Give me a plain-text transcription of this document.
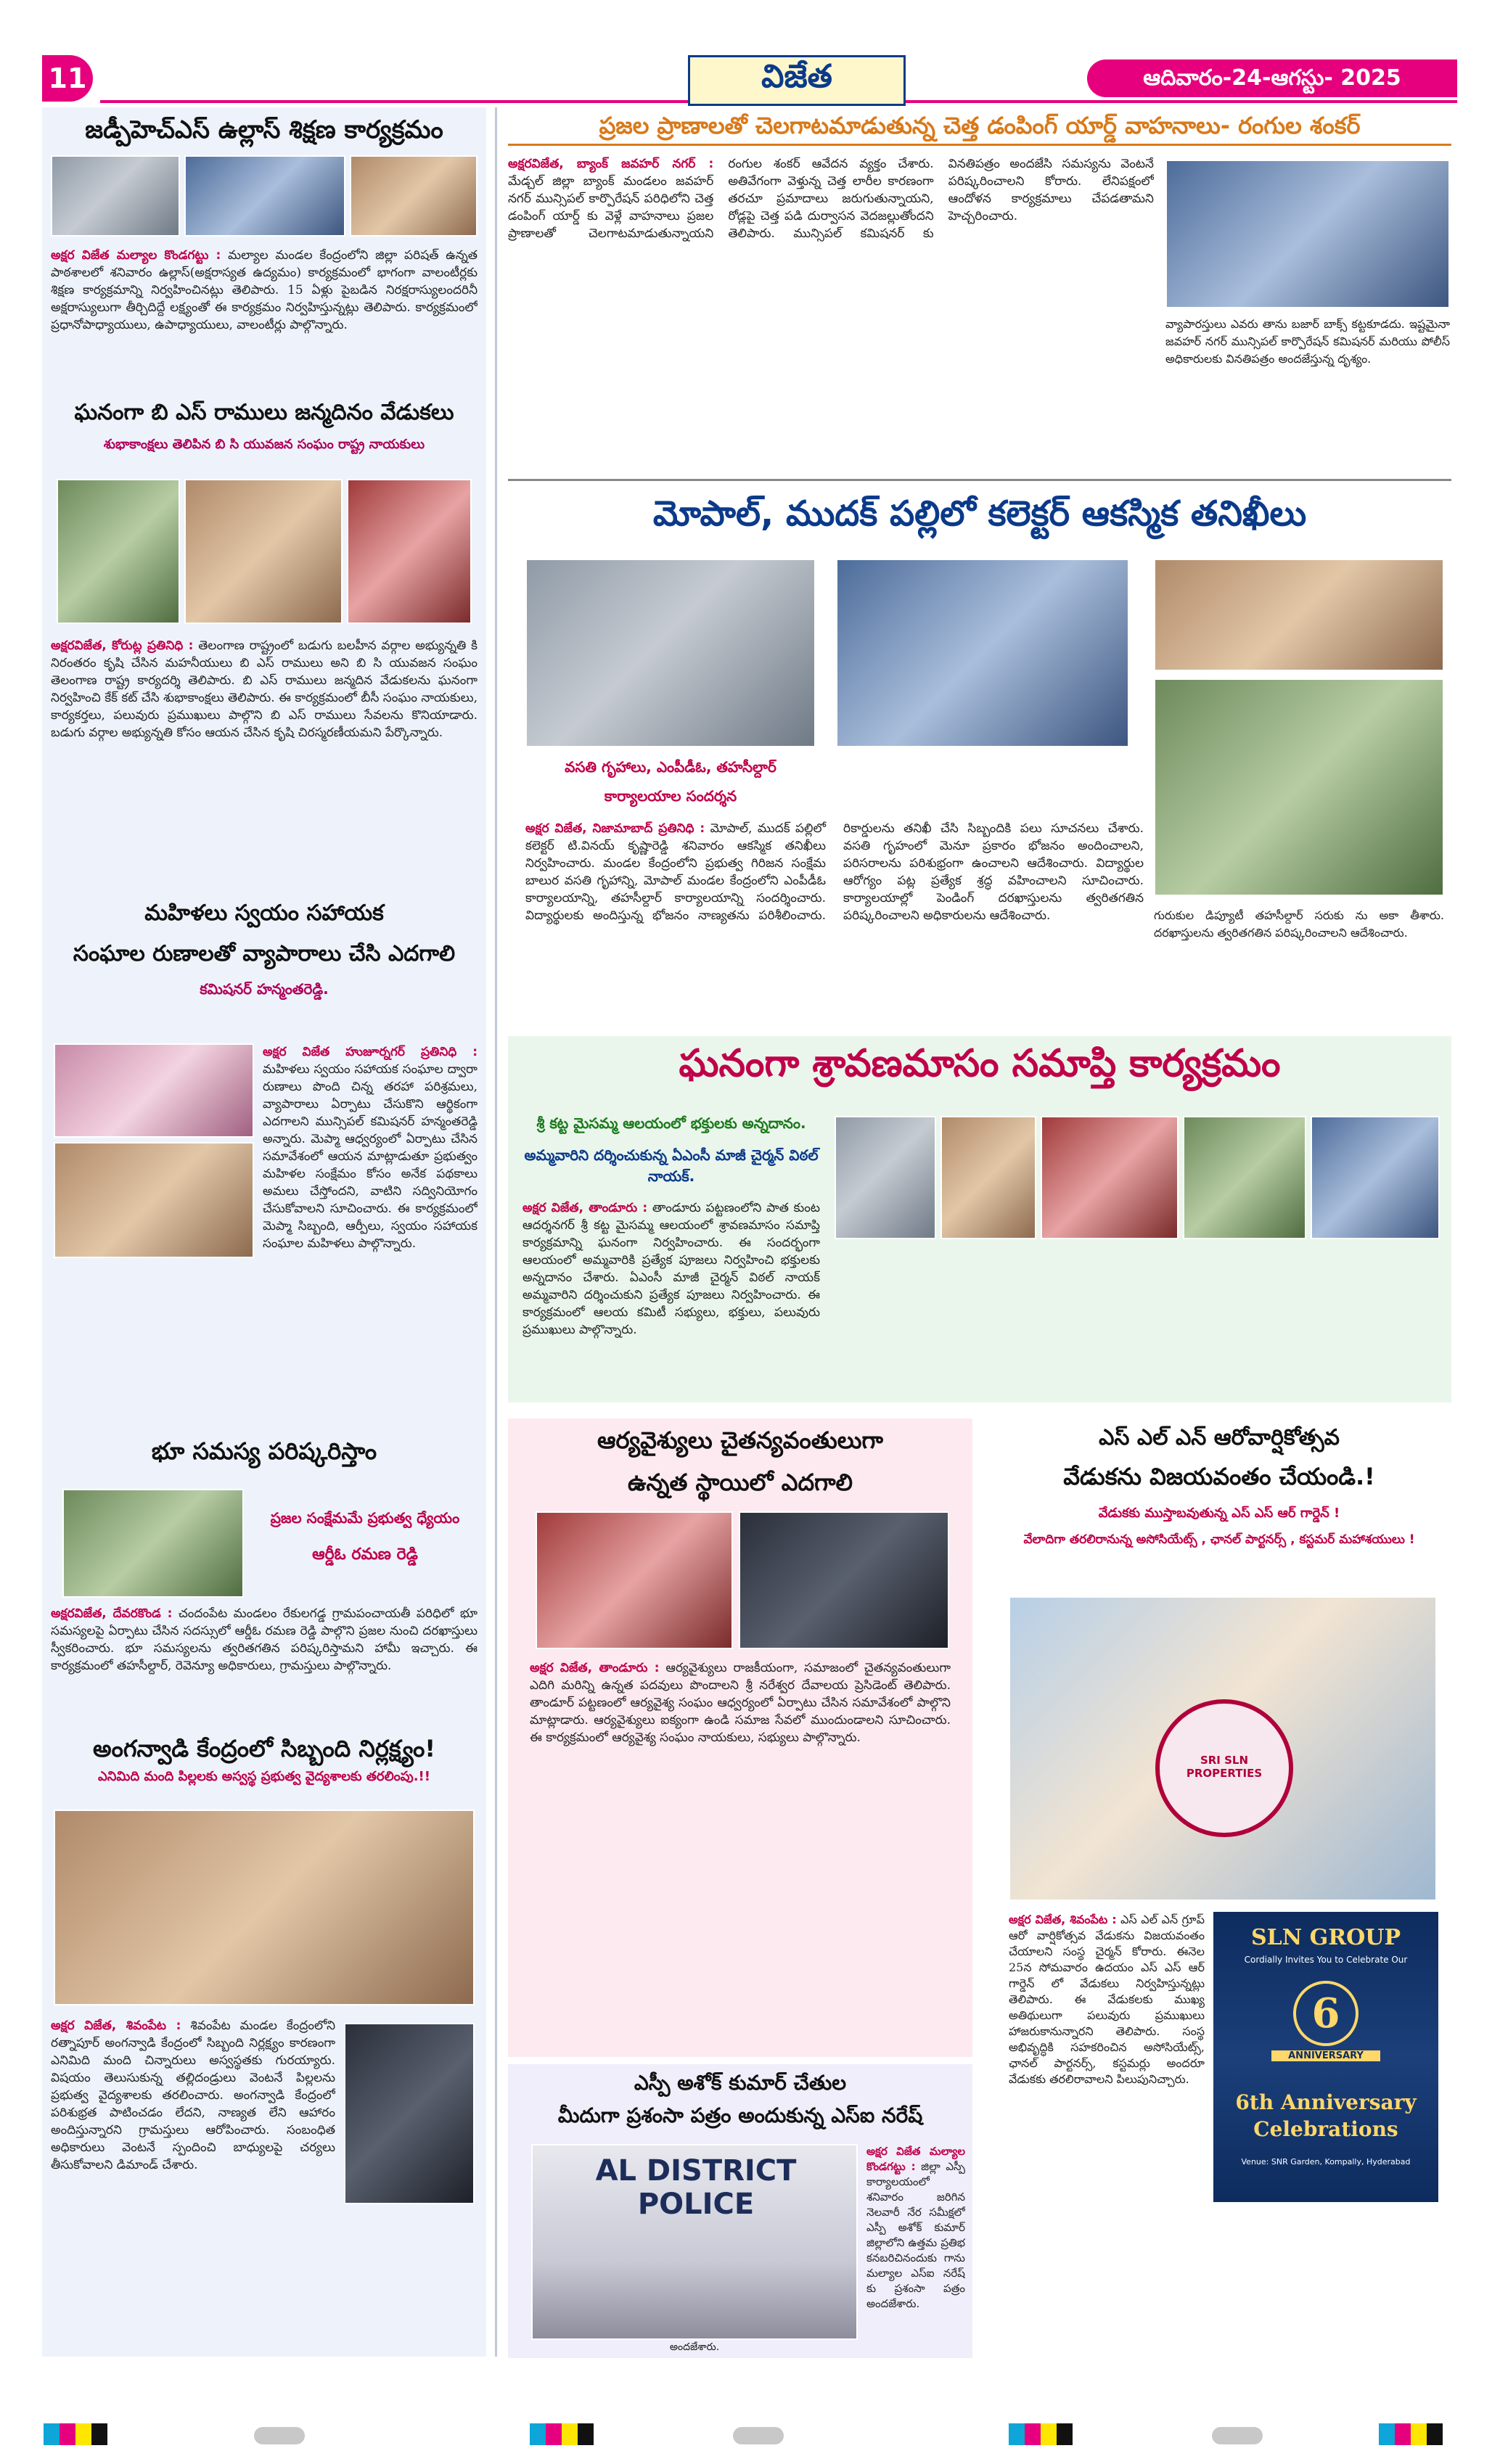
11	విజేత	ఆదివారం-24-ఆగస్టు- 2025
జడ్పీహెచ్ఎస్ ఉల్లాస్ శిక్షణ కార్యక్రమం
అక్షర విజేత మల్యాల కొండగట్టు : మల్యాల మండల కేంద్రంలోని జిల్లా పరిషత్ ఉన్నత పాఠశాలలో శనివారం ఉల్లాస్(అక్షరాస్యత ఉద్యమం) కార్యక్రమంలో భాగంగా వాలంటీర్లకు శిక్షణ కార్యక్రమాన్ని నిర్వహించినట్లు తెలిపారు. 15 ఏళ్లు పైబడిన నిరక్షరాస్యులందరినీ అక్షరాస్యులుగా తీర్చిదిద్దే లక్ష్యంతో ఈ కార్యక్రమం నిర్వహిస్తున్నట్లు తెలిపారు. కార్యక్రమంలో ప్రధానోపాధ్యాయులు, ఉపాధ్యాయులు, వాలంటీర్లు పాల్గొన్నారు.
ఘనంగా బి ఎస్ రాములు జన్మదినం వేడుకలు
శుభాకాంక్షలు తెలిపిన బి సి యువజన సంఘం రాష్ట్ర నాయకులు
అక్షరవిజేత, కోరుట్ల ప్రతినిధి : తెలంగాణ రాష్ట్రంలో బడుగు బలహీన వర్గాల అభ్యున్నతి కి నిరంతరం కృషి చేసిన మహనీయులు బి ఎస్ రాములు అని బి సి యువజన సంఘం తెలంగాణ రాష్ట్ర కార్యదర్శి తెలిపారు. బి ఎస్ రాములు జన్మదిన వేడుకలను ఘనంగా నిర్వహించి కేక్ కట్ చేసి శుభాకాంక్షలు తెలిపారు. ఈ కార్యక్రమంలో బీసీ సంఘం నాయకులు, కార్యకర్తలు, పలువురు ప్రముఖులు పాల్గొని బి ఎస్ రాములు సేవలను కొనియాడారు. బడుగు వర్గాల అభ్యున్నతి కోసం ఆయన చేసిన కృషి చిరస్మరణీయమని పేర్కొన్నారు.
మహిళలు స్వయం సహాయక
సంఘాల రుణాలతో వ్యాపారాలు చేసి ఎదగాలి
కమిషనర్ హన్మంతరెడ్డి.
అక్షర విజేత హుజూర్నగర్ ప్రతినిధి : మహిళలు స్వయం సహాయక సంఘాల ద్వారా రుణాలు పొంది చిన్న తరహా పరిశ్రమలు, వ్యాపారాలు ఏర్పాటు చేసుకొని ఆర్థికంగా ఎదగాలని మున్సిపల్ కమిషనర్ హన్మంతరెడ్డి అన్నారు. మెప్మా ఆధ్వర్యంలో ఏర్పాటు చేసిన సమావేశంలో ఆయన మాట్లాడుతూ ప్రభుత్వం మహిళల సంక్షేమం కోసం అనేక పథకాలు అమలు చేస్తోందని, వాటిని సద్వినియోగం చేసుకోవాలని సూచించారు. ఈ కార్యక్రమంలో మెప్మా సిబ్బంది, ఆర్పీలు, స్వయం సహాయక సంఘాల మహిళలు పాల్గొన్నారు.
భూ సమస్య పరిష్కరిస్తాం
ప్రజల సంక్షేమమే ప్రభుత్వ ధ్యేయం
ఆర్డీఓ రమణ రెడ్డి
అక్షరవిజేత, దేవరకొండ : చందంపేట మండలం రేకులగడ్డ గ్రామపంచాయతీ పరిధిలో భూ సమస్యలపై ఏర్పాటు చేసిన సదస్సులో ఆర్డీఓ రమణ రెడ్డి పాల్గొని ప్రజల నుంచి దరఖాస్తులు స్వీకరించారు. భూ సమస్యలను త్వరితగతిన పరిష్కరిస్తామని హామీ ఇచ్చారు. ఈ కార్యక్రమంలో తహసీల్దార్, రెవెన్యూ అధికారులు, గ్రామస్తులు పాల్గొన్నారు.
అంగన్వాడి కేంద్రంలో సిబ్బంది నిర్లక్ష్యం!
ఎనిమిది మంది పిల్లలకు అస్వస్థ ప్రభుత్వ వైద్యశాలకు తరలింపు.!!
అక్షర విజేత, శివంపేట : శివంపేట మండల కేంద్రంలోని రత్నాపూర్ అంగన్వాడి కేంద్రంలో సిబ్బంది నిర్లక్ష్యం కారణంగా ఎనిమిది మంది చిన్నారులు అస్వస్థతకు గురయ్యారు. విషయం తెలుసుకున్న తల్లిదండ్రులు వెంటనే పిల్లలను ప్రభుత్వ వైద్యశాలకు తరలించారు. అంగన్వాడి కేంద్రంలో పరిశుభ్రత పాటించడం లేదని, నాణ్యత లేని ఆహారం అందిస్తున్నారని గ్రామస్తులు ఆరోపించారు. సంబంధిత అధికారులు వెంటనే స్పందించి బాధ్యులపై చర్యలు తీసుకోవాలని డిమాండ్ చేశారు.
ప్రజల ప్రాణాలతో చెలగాటమాడుతున్న చెత్త డంపింగ్ యార్డ్ వాహనాలు- రంగుల శంకర్
అక్షరవిజేత, బ్యాంక్ జవహర్ నగర్ : మేడ్చల్ జిల్లా బ్యాంక్ మండలం జవహర్ నగర్ మున్సిపల్ కార్పొరేషన్ పరిధిలోని చెత్త డంపింగ్ యార్డ్ కు వెళ్లే వాహనాలు ప్రజల ప్రాణాలతో చెలగాటమాడుతున్నాయని రంగుల శంకర్ ఆవేదన వ్యక్తం చేశారు. అతివేగంగా వెళ్తున్న చెత్త లారీల కారణంగా తరచూ ప్రమాదాలు జరుగుతున్నాయని, రోడ్లపై చెత్త పడి దుర్వాసన వెదజల్లుతోందని తెలిపారు. మున్సిపల్ కమిషనర్ కు వినతిపత్రం అందజేసి సమస్యను వెంటనే పరిష్కరించాలని కోరారు. లేనిపక్షంలో ఆందోళన కార్యక్రమాలు చేపడతామని హెచ్చరించారు.
వ్యాపారస్తులు ఎవరు తాను బజార్ బాక్స్ కట్టకూడదు. ఇష్టమైనా జవహర్ నగర్ మున్సిపల్ కార్పొరేషన్ కమిషనర్ మరియు పోలీస్ అధికారులకు వినతిపత్రం అందజేస్తున్న దృశ్యం.
మోపాల్, ముదక్ పల్లిలో కలెక్టర్ ఆకస్మిక తనిఖీలు
వసతి గృహాలు, ఎంపీడీఓ, తహసీల్దార్
కార్యాలయాల సందర్శన
అక్షర విజేత, నిజామాబాద్ ప్రతినిధి : మోపాల్, ముదక్ పల్లిలో కలెక్టర్ టి.వినయ్ కృష్ణారెడ్డి శనివారం ఆకస్మిక తనిఖీలు నిర్వహించారు. మండల కేంద్రంలోని ప్రభుత్వ గిరిజన సంక్షేమ బాలుర వసతి గృహాన్ని, మోపాల్ మండల కేంద్రంలోని ఎంపీడీఓ కార్యాలయాన్ని, తహసీల్దార్ కార్యాలయాన్ని సందర్శించారు. విద్యార్థులకు అందిస్తున్న భోజనం నాణ్యతను పరిశీలించారు. రికార్డులను తనిఖీ చేసి సిబ్బందికి పలు సూచనలు చేశారు. వసతి గృహంలో మెనూ ప్రకారం భోజనం అందించాలని, పరిసరాలను పరిశుభ్రంగా ఉంచాలని ఆదేశించారు. విద్యార్థుల ఆరోగ్యం పట్ల ప్రత్యేక శ్రద్ధ వహించాలని సూచించారు. కార్యాలయాల్లో పెండింగ్ దరఖాస్తులను త్వరితగతిన పరిష్కరించాలని అధికారులను ఆదేశించారు.	గురుకుల డిప్యూటీ తహసీల్దార్ సరుకు ను అకా తీశారు. దరఖాస్తులను త్వరితగతిన పరిష్కరించాలని ఆదేశించారు.
ఘనంగా శ్రావణమాసం సమాప్తి కార్యక్రమం
శ్రీ కట్ట మైసమ్మ ఆలయంలో భక్తులకు అన్నదానం.
అమ్మవారిని దర్శించుకున్న ఏఎంసీ మాజీ చైర్మన్ విఠల్ నాయక్.
అక్షర విజేత, తాండూరు : తాండూరు పట్టణంలోని పాత కుంట ఆదర్శనగర్ శ్రీ కట్ట మైసమ్మ ఆలయంలో శ్రావణమాసం సమాప్తి కార్యక్రమాన్ని ఘనంగా నిర్వహించారు. ఈ సందర్భంగా ఆలయంలో అమ్మవారికి ప్రత్యేక పూజలు నిర్వహించి భక్తులకు అన్నదానం చేశారు. ఏఎంసీ మాజీ చైర్మన్ విఠల్ నాయక్ అమ్మవారిని దర్శించుకుని ప్రత్యేక పూజలు నిర్వహించారు. ఈ కార్యక్రమంలో ఆలయ కమిటీ సభ్యులు, భక్తులు, పలువురు ప్రముఖులు పాల్గొన్నారు.
ఆర్యవైశ్యులు చైతన్యవంతులుగా
ఉన్నత స్థాయిలో ఎదగాలి
అక్షర విజేత, తాండూరు : ఆర్యవైశ్యులు రాజకీయంగా, సమాజంలో చైతన్యవంతులుగా ఎదిగి మరిన్ని ఉన్నత పదవులు పొందాలని శ్రీ నరేశ్వర దేవాలయ ప్రెసిడెంట్ తెలిపారు. తాండూర్ పట్టణంలో ఆర్యవైశ్య సంఘం ఆధ్వర్యంలో ఏర్పాటు చేసిన సమావేశంలో పాల్గొని మాట్లాడారు. ఆర్యవైశ్యులు ఐక్యంగా ఉండి సమాజ సేవలో ముందుండాలని సూచించారు. ఈ కార్యక్రమంలో ఆర్యవైశ్య సంఘం నాయకులు, సభ్యులు పాల్గొన్నారు.
ఎస్పీ అశోక్ కుమార్ చేతుల
మీదుగా ప్రశంసా పత్రం అందుకున్న ఎస్ఐ నరేష్
AL DISTRICT POLICE
అక్షర విజేత మల్యాల కొండగట్టు : జిల్లా ఎస్పీ కార్యాలయంలో శనివారం జరిగిన నెలవారీ నేర సమీక్షలో ఎస్పీ అశోక్ కుమార్ జిల్లాలోని ఉత్తమ ప్రతిభ కనబరిచినందుకు గాను మల్యాల ఎస్ఐ నరేష్ కు ప్రశంసా పత్రం అందజేశారు.
అందజేశారు.
ఎస్ ఎల్ ఎన్ ఆరోవార్షికోత్సవ
వేడుకను విజయవంతం చేయండి.!
వేడుకకు ముస్తాబవుతున్న ఎస్ ఎస్ ఆర్ గార్డెన్ !
వేలాదిగా తరలిరానున్న అసోసియేట్స్ , ఛానల్ పార్టనర్స్ , కస్టమర్ మహాశయులు !
SRI SLN PROPERTIES
అక్షర విజేత, శివంపేట : ఎస్ ఎల్ ఎన్ గ్రూప్ ఆరో వార్షికోత్సవ వేడుకను విజయవంతం చేయాలని సంస్థ చైర్మన్ కోరారు. ఈనెల 25న సోమవారం ఉదయం ఎస్ ఎస్ ఆర్ గార్డెన్ లో వేడుకలు నిర్వహిస్తున్నట్లు తెలిపారు. ఈ వేడుకలకు ముఖ్య అతిథులుగా పలువురు ప్రముఖులు హాజరుకానున్నారని తెలిపారు. సంస్థ అభివృద్ధికి సహకరించిన అసోసియేట్స్, ఛానల్ పార్టనర్స్, కస్టమర్లు అందరూ వేడుకకు తరలిరావాలని పిలుపునిచ్చారు.
SLN GROUP
Cordially Invites You to Celebrate Our
6
ANNIVERSARY
6th Anniversary
Celebrations
Venue: SNR Garden, Kompally, Hyderabad
